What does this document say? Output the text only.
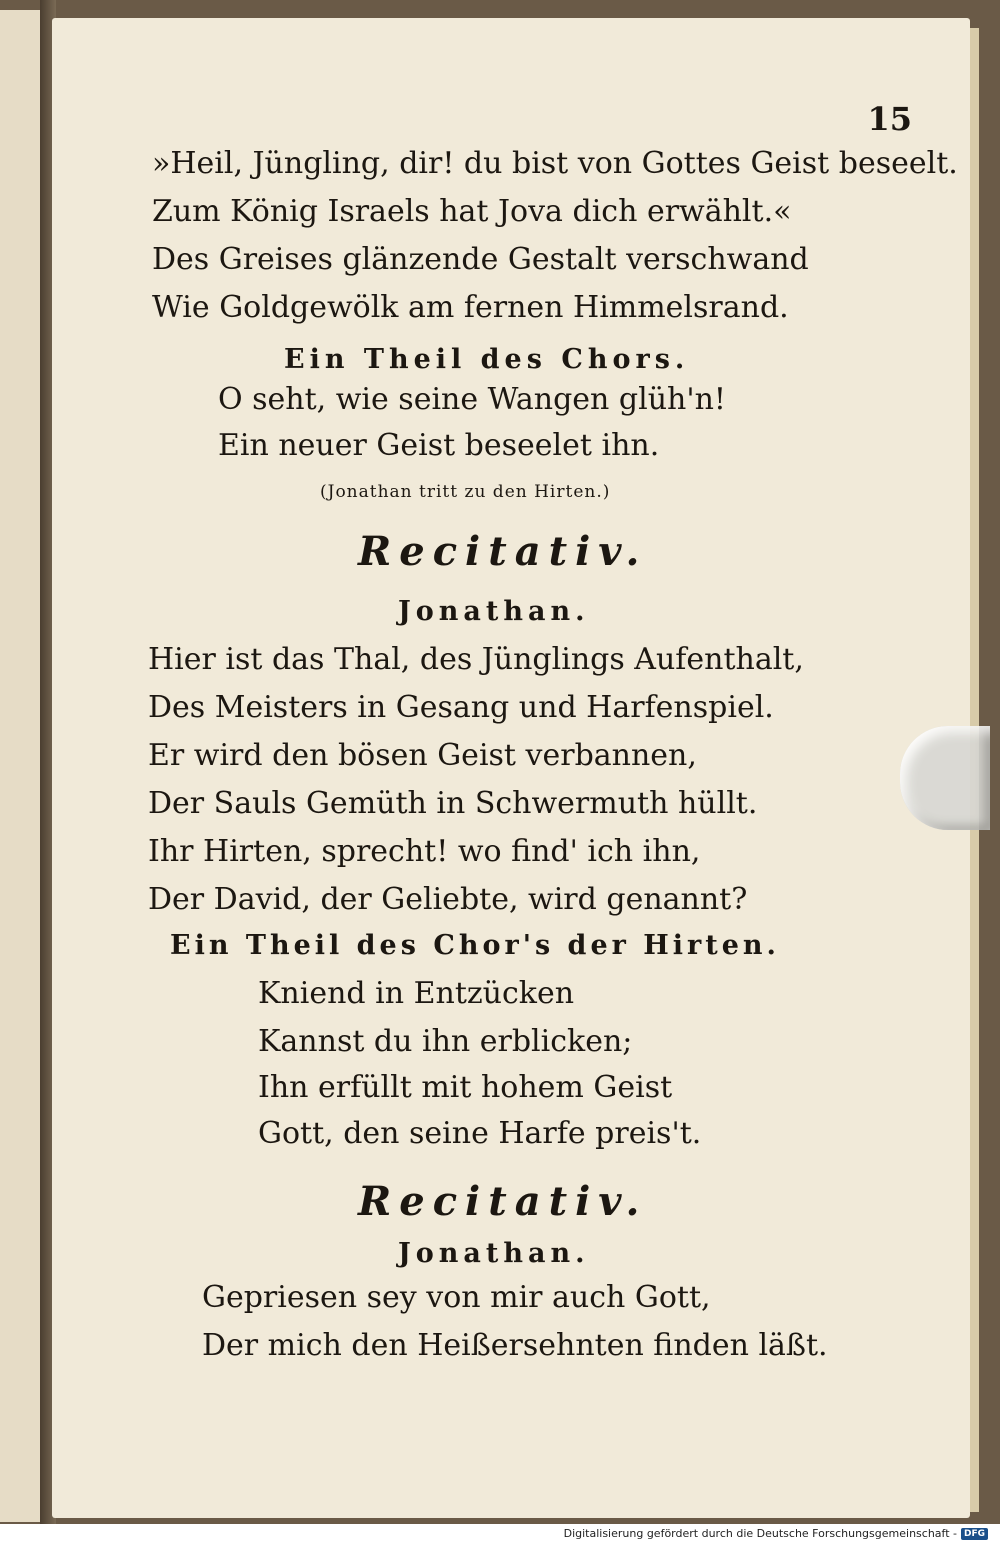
15
»Heil, Jüngling, dir! du bist von Gottes Geist beseelt.
Zum König Israels hat Jova dich erwählt.«
Des Greises glänzende Gestalt verschwand
Wie Goldgewölk am fernen Himmelsrand.
Ein Theil des Chors.
O seht, wie seine Wangen glüh'n!
Ein neuer Geist beseelet ihn.
(Jonathan tritt zu den Hirten.)
Recitativ.
Jonathan.
Hier ist das Thal, des Jünglings Aufenthalt,
Des Meisters in Gesang und Harfenspiel.
Er wird den bösen Geist verbannen,
Der Sauls Gemüth in Schwermuth hüllt.
Ihr Hirten, sprecht! wo find' ich ihn,
Der David, der Geliebte, wird genannt?
Ein Theil des Chor's der Hirten.
Kniend in Entzücken
Kannst du ihn erblicken;
Ihn erfüllt mit hohem Geist
Gott, den seine Harfe preis't.
Recitativ.
Jonathan.
Gepriesen sey von mir auch Gott,
Der mich den Heißersehnten finden läßt.
Digitalisierung gefördert durch die Deutsche Forschungsgemeinschaft - DFG
